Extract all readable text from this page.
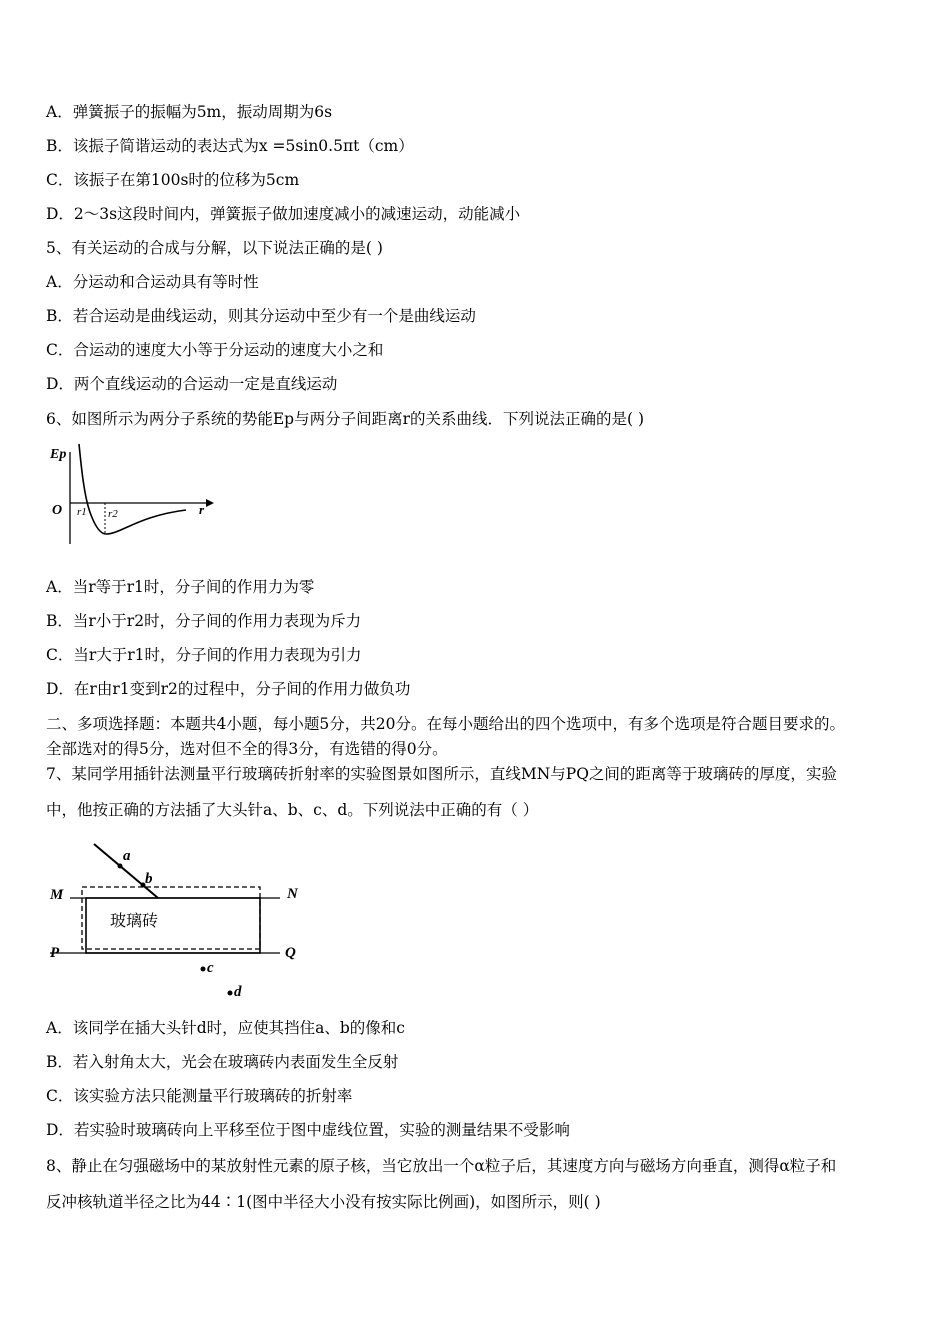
A．弹簧振子的振幅为5m，振动周期为6s
B．该振子简谐运动的表达式为x =5sin0.5πt（cm）
C．该振子在第100s时的位移为5cm
D．2～3s这段时间内，弹簧振子做加速度减小的减速运动，动能减小
5、有关运动的合成与分解，以下说法正确的是( )
A．分运动和合运动具有等时性
B．若合运动是曲线运动，则其分运动中至少有一个是曲线运动
C．合运动的速度大小等于分运动的速度大小之和
D．两个直线运动的合运动一定是直线运动
6、如图所示为两分子系统的势能Ep与两分子间距离r的关系曲线．下列说法正确的是( )
Ep
O	r
r1 r2
A．当r等于r1时，分子间的作用力为零
B．当r小于r2时，分子间的作用力表现为斥力
C．当r大于r1时，分子间的作用力表现为引力
D．在r由r1变到r2的过程中，分子间的作用力做负功
二、多项选择题：本题共4小题，每小题5分，共20分。在每小题给出的四个选项中，有多个选项是符合题目要求的。
全部选对的得5分，选对但不全的得3分，有选错的得0分。
7、某同学用插针法测量平行玻璃砖折射率的实验图景如图所示，直线MN与PQ之间的距离等于玻璃砖的厚度，实验
中，他按正确的方法插了大头针a、b、c、d。下列说法中正确的有（ ）
a
b
M	N
玻璃砖
P	Q
c
d
A．该同学在插大头针d时，应使其挡住a、b的像和c
B．若入射角太大，光会在玻璃砖内表面发生全反射
C．该实验方法只能测量平行玻璃砖的折射率
D．若实验时玻璃砖向上平移至位于图中虚线位置，实验的测量结果不受影响
8、静止在匀强磁场中的某放射性元素的原子核，当它放出一个α粒子后，其速度方向与磁场方向垂直，测得α粒子和
反冲核轨道半径之比为44∶1(图中半径大小没有按实际比例画)，如图所示，则( )
